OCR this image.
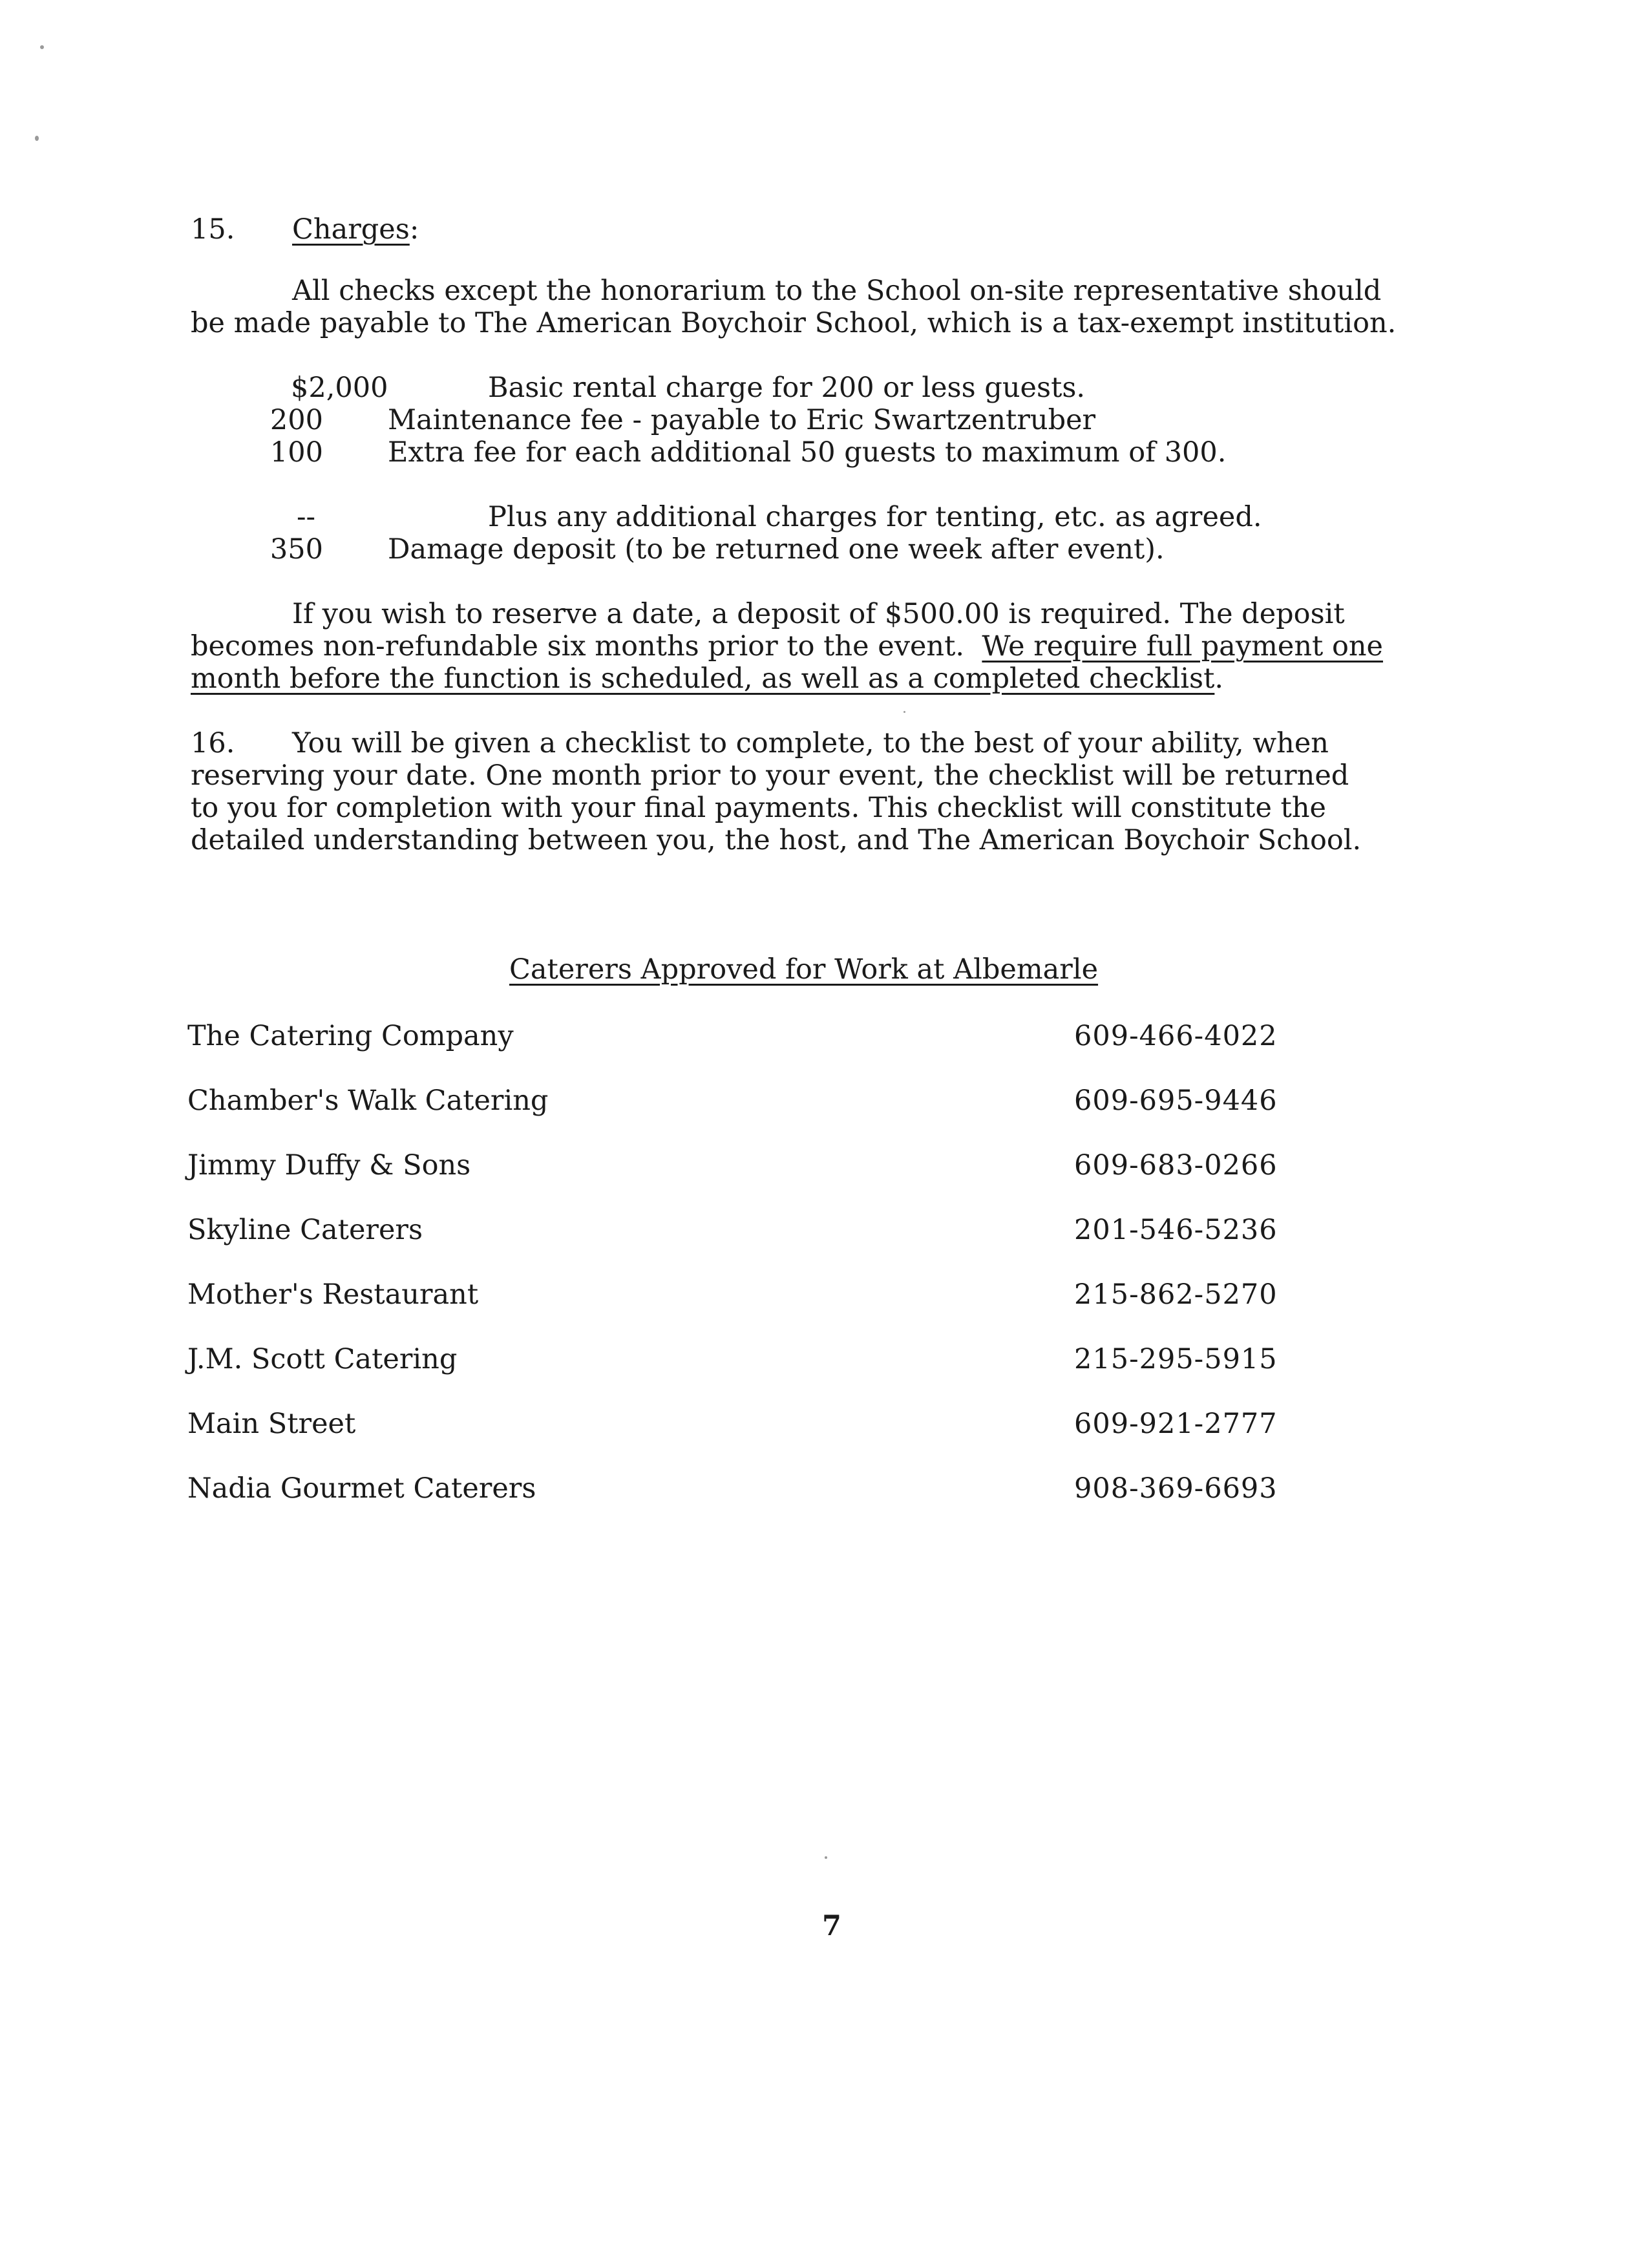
15. Charges:
All checks except the honorarium to the School on-site representative should
be made payable to The American Boychoir School, which is a tax-exempt institution.
$2,000	Basic rental charge for 200 or less guests.
200 Maintenance fee - payable to Eric Swartzentruber
100 Extra fee for each additional 50 guests to maximum of 300.
--	Plus any additional charges for tenting, etc. as agreed.
350 Damage deposit (to be returned one week after event).
If you wish to reserve a date, a deposit of $500.00 is required. The deposit
becomes non-refundable six months prior to the event. We require full payment one
month before the function is scheduled, as well as a completed checklist.
16. You will be given a checklist to complete, to the best of your ability, when
reserving your date. One month prior to your event, the checklist will be returned
to you for completion with your final payments. This checklist will constitute the
detailed understanding between you, the host, and The American Boychoir School.
Caterers Approved for Work at Albemarle
The Catering Company	609-466-4022
Chamber's Walk Catering	609-695-9446
Jimmy Duffy & Sons	609-683-0266
Skyline Caterers	201-546-5236
Mother's Restaurant	215-862-5270
J.M. Scott Catering	215-295-5915
Main Street	609-921-2777
Nadia Gourmet Caterers	908-369-6693
7
